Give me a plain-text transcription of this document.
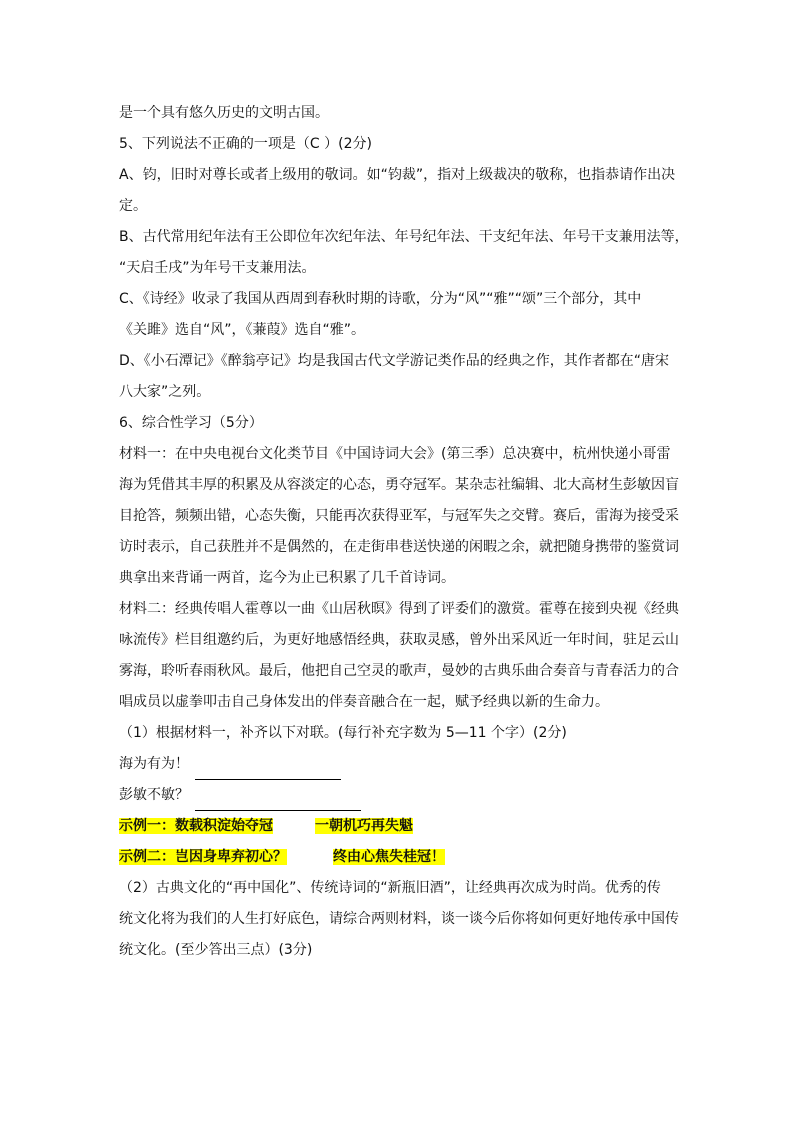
是一个具有悠久历史的文明古国。
5、下列说法不正确的一项是（C ）(2分)
A、钧，旧时对尊长或者上级用的敬词。如“钧裁”，指对上级裁决的敬称，也指恭请作出决
定。
B、古代常用纪年法有王公即位年次纪年法、年号纪年法、干支纪年法、年号干支兼用法等，
“天启壬戌”为年号干支兼用法。
C、《诗经》收录了我国从西周到春秋时期的诗歌，分为“风”“雅”“颂”三个部分，其中
《关雎》选自“风”，《蒹葭》选自“雅”。
D、《小石潭记》《醉翁亭记》均是我国古代文学游记类作品的经典之作，其作者都在“唐宋
八大家”之列。
6、综合性学习（5分）
材料一：在中央电视台文化类节目《中国诗词大会》(第三季）总决赛中，杭州快递小哥雷
海为凭借其丰厚的积累及从容淡定的心态，勇夺冠军。某杂志社编辑、北大高材生彭敏因盲
目抢答，频频出错，心态失衡，只能再次获得亚军，与冠军失之交臂。赛后，雷海为接受采
访时表示，自己获胜并不是偶然的，在走街串巷送快递的闲暇之余，就把随身携带的鉴赏词
典拿出来背诵一两首，迄今为止已积累了几千首诗词。
材料二：经典传唱人霍尊以一曲《山居秋暝》得到了评委们的激赏。霍尊在接到央视《经典
咏流传》栏目组邀约后，为更好地感悟经典，获取灵感，曾外出采风近一年时间，驻足云山
雾海，聆听春雨秋风。最后，他把自己空灵的歌声，曼妙的古典乐曲合奏音与青春活力的合
唱成员以虚拳叩击自己身体发出的伴奏音融合在一起，赋予经典以新的生命力。
（1）根据材料一，补齐以下对联。(每行补充字数为 5—11 个字）(2分)
海为有为！
彭敏不敏？
示例一：数载积淀始夺冠	一朝机巧再失魁
示例二：岂因身卑弃初心？	终由心焦失桂冠！
（2）古典文化的“再中国化”、传统诗词的“新瓶旧酒”，让经典再次成为时尚。优秀的传
统文化将为我们的人生打好底色，请综合两则材料，谈一谈今后你将如何更好地传承中国传
统文化。(至少答出三点）(3分)
